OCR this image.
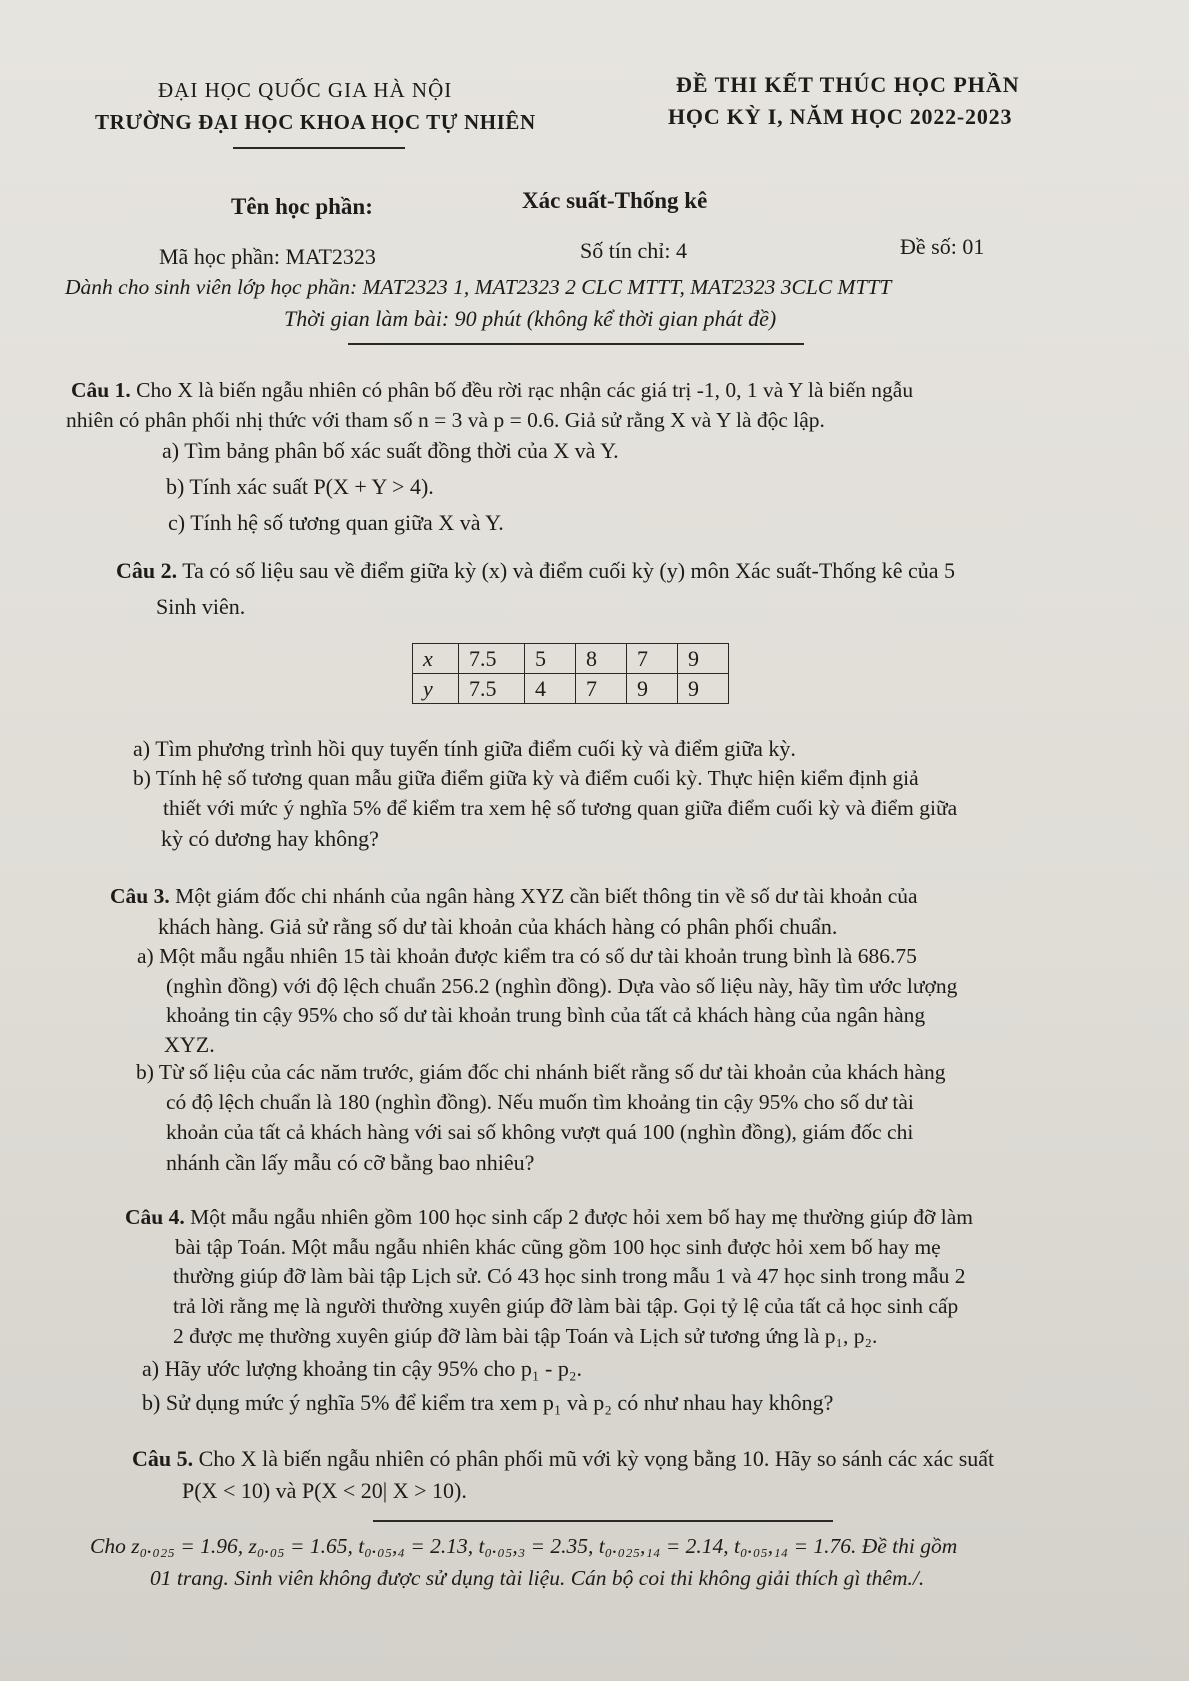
ĐẠI HỌC QUỐC GIA HÀ NỘI
TRƯỜNG ĐẠI HỌC KHOA HỌC TỰ NHIÊN
ĐỀ THI KẾT THÚC HỌC PHẦN
HỌC KỲ I, NĂM HỌC 2022-2023
Tên học phần:	Xác suất-Thống kê
Mã học phần: MAT2323	Số tín chỉ: 4	Đề số: 01
Dành cho sinh viên lớp học phần: MAT2323 1, MAT2323 2 CLC MTTT, MAT2323 3CLC MTTT
Thời gian làm bài: 90 phút (không kể thời gian phát đề)
Câu 1. Cho X là biến ngẫu nhiên có phân bố đều rời rạc nhận các giá trị -1, 0, 1 và Y là biến ngẫu
nhiên có phân phối nhị thức với tham số n = 3 và p = 0.6. Giả sử rằng X và Y là độc lập.
a) Tìm bảng phân bố xác suất đồng thời của X và Y.
b) Tính xác suất P(X + Y > 4).
c) Tính hệ số tương quan giữa X và Y.
Câu 2. Ta có số liệu sau về điểm giữa kỳ (x) và điểm cuối kỳ (y) môn Xác suất-Thống kê của 5
Sinh viên.
x	7.5	5	8	7	9
y	7.5	4	7	9	9
a) Tìm phương trình hồi quy tuyến tính giữa điểm cuối kỳ và điểm giữa kỳ.
b) Tính hệ số tương quan mẫu giữa điểm giữa kỳ và điểm cuối kỳ. Thực hiện kiểm định giả
thiết với mức ý nghĩa 5% để kiểm tra xem hệ số tương quan giữa điểm cuối kỳ và điểm giữa
kỳ có dương hay không?
Câu 3. Một giám đốc chi nhánh của ngân hàng XYZ cần biết thông tin về số dư tài khoản của
khách hàng. Giả sử rằng số dư tài khoản của khách hàng có phân phối chuẩn.
a) Một mẫu ngẫu nhiên 15 tài khoản được kiểm tra có số dư tài khoản trung bình là 686.75
(nghìn đồng) với độ lệch chuẩn 256.2 (nghìn đồng). Dựa vào số liệu này, hãy tìm ước lượng
khoảng tin cậy 95% cho số dư tài khoản trung bình của tất cả khách hàng của ngân hàng
XYZ.
b) Từ số liệu của các năm trước, giám đốc chi nhánh biết rằng số dư tài khoản của khách hàng
có độ lệch chuẩn là 180 (nghìn đồng). Nếu muốn tìm khoảng tin cậy 95% cho số dư tài
khoản của tất cả khách hàng với sai số không vượt quá 100 (nghìn đồng), giám đốc chi
nhánh cần lấy mẫu có cỡ bằng bao nhiêu?
Câu 4. Một mẫu ngẫu nhiên gồm 100 học sinh cấp 2 được hỏi xem bố hay mẹ thường giúp đỡ làm
bài tập Toán. Một mẫu ngẫu nhiên khác cũng gồm 100 học sinh được hỏi xem bố hay mẹ
thường giúp đỡ làm bài tập Lịch sử. Có 43 học sinh trong mẫu 1 và 47 học sinh trong mẫu 2
trả lời rằng mẹ là người thường xuyên giúp đỡ làm bài tập. Gọi tỷ lệ của tất cả học sinh cấp
2 được mẹ thường xuyên giúp đỡ làm bài tập Toán và Lịch sử tương ứng là p₁, p₂.
a) Hãy ước lượng khoảng tin cậy 95% cho p₁ - p₂.
b) Sử dụng mức ý nghĩa 5% để kiểm tra xem p₁ và p₂ có như nhau hay không?
Câu 5. Cho X là biến ngẫu nhiên có phân phối mũ với kỳ vọng bằng 10. Hãy so sánh các xác suất
P(X < 10) và P(X < 20| X > 10).
Cho z₀.₀₂₅ = 1.96, z₀.₀₅ = 1.65, t₀.₀₅,₄ = 2.13, t₀.₀₅,₃ = 2.35, t₀.₀₂₅,₁₄ = 2.14, t₀.₀₅,₁₄ = 1.76. Đề thi gồm
01 trang. Sinh viên không được sử dụng tài liệu. Cán bộ coi thi không giải thích gì thêm./.
